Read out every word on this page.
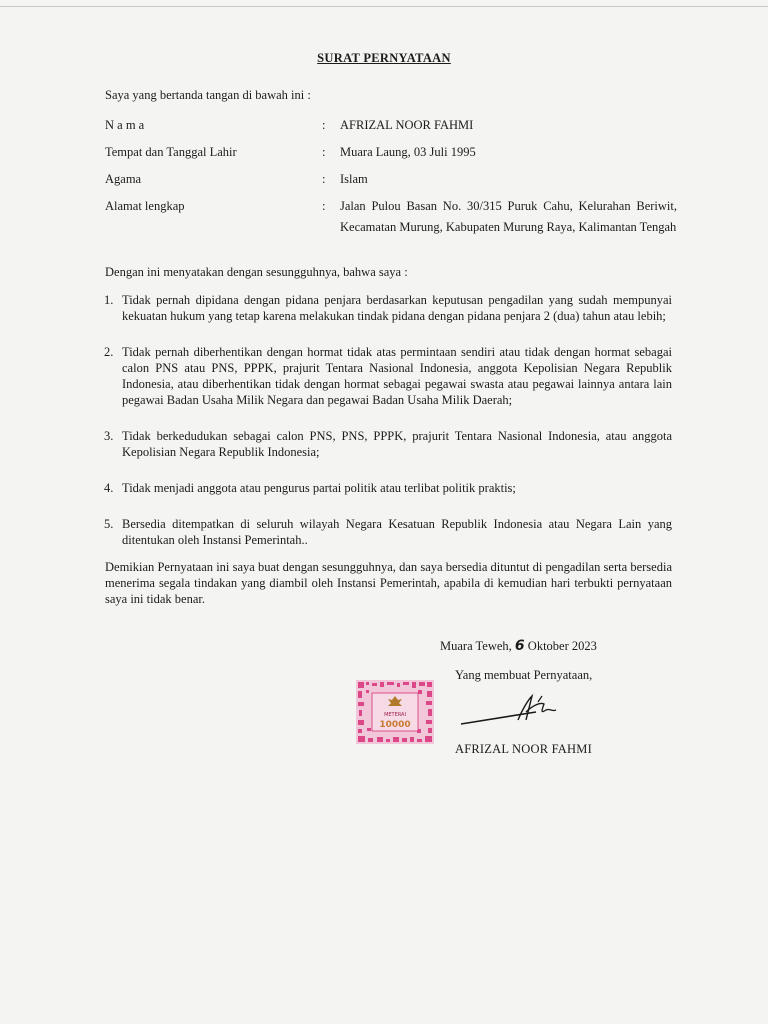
SURAT PERNYATAAN
Saya yang bertanda tangan di bawah ini :
N a m a	: AFRIZAL NOOR FAHMI
Tempat dan Tanggal Lahir	: Muara Laung, 03 Juli 1995
Agama	: Islam
Alamat lengkap	: Jalan Pulou Basan No. 30/315 Puruk Cahu, Kelurahan Beriwit, Kecamatan Murung, Kabupaten Murung Raya, Kalimantan Tengah
Dengan ini menyatakan dengan sesungguhnya, bahwa saya :
1. Tidak pernah dipidana dengan pidana penjara berdasarkan keputusan pengadilan yang sudah mempunyai kekuatan hukum yang tetap karena melakukan tindak pidana dengan pidana penjara 2 (dua) tahun atau lebih;
2. Tidak pernah diberhentikan dengan hormat tidak atas permintaan sendiri atau tidak dengan hormat sebagai calon PNS atau PNS, PPPK, prajurit Tentara Nasional Indonesia, anggota Kepolisian Negara Republik Indonesia, atau diberhentikan tidak dengan hormat sebagai pegawai swasta atau pegawai lainnya antara lain pegawai Badan Usaha Milik Negara dan pegawai Badan Usaha Milik Daerah;
3. Tidak berkedudukan sebagai calon PNS, PNS, PPPK, prajurit Tentara Nasional Indonesia, atau anggota Kepolisian Negara Republik Indonesia;
4. Tidak menjadi anggota atau pengurus partai politik atau terlibat politik praktis;
5. Bersedia ditempatkan di seluruh wilayah Negara Kesatuan Republik Indonesia atau Negara Lain yang ditentukan oleh Instansi Pemerintah..
Demikian Pernyataan ini saya buat dengan sesungguhnya, dan saya bersedia dituntut di pengadilan serta bersedia menerima segala tindakan yang diambil oleh Instansi Pemerintah, apabila di kemudian hari terbukti pernyataan saya ini tidak benar.
Muara Teweh, 6 Oktober 2023
Yang membuat Pernyataan,
METERAI
10000
AFRIZAL NOOR FAHMI
